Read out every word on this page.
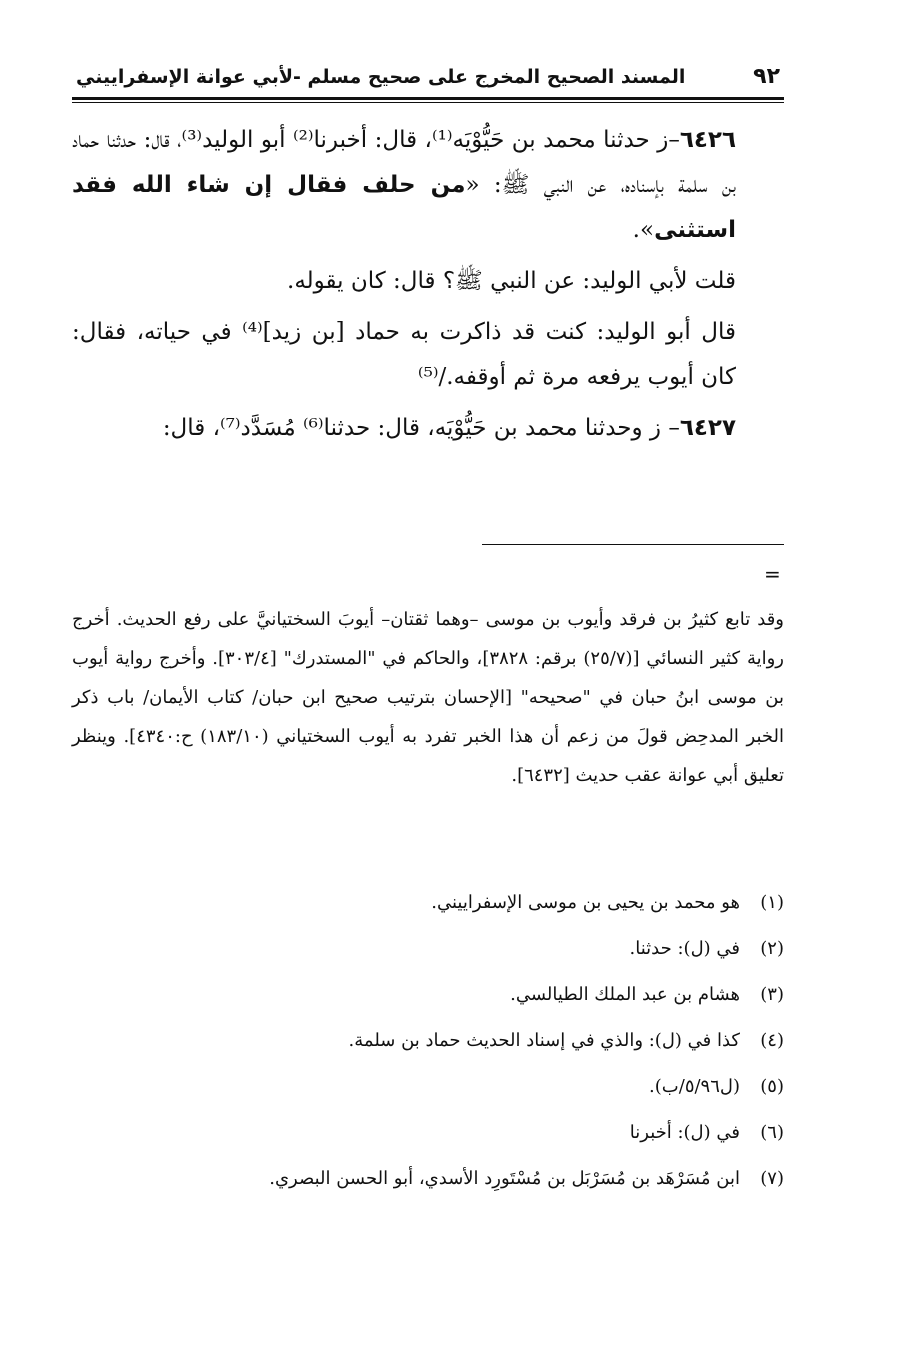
٩٢
المسند الصحيح المخرج على صحيح مسلم -لأبي عوانة الإسفراييني

٦٤٢٦–ز حدثنا محمد بن حَيُّوْيَه⁽¹⁾، قال: أخبرنا⁽²⁾ أبو الوليد⁽³⁾، قال: حدثنا حماد بن سلمة بإسناده، عن النبي ﷺ: «من حلف فقال إن شاء الله فقد استثنى».

قلت لأبي الوليد: عن النبي ﷺ؟ قال: كان يقوله.

قال أبو الوليد: كنت قد ذاكرت به حماد [بن زيد]⁽⁴⁾ في حياته، فقال: كان أيوب يرفعه مرة ثم أوقفه./⁽⁵⁾

٦٤٢٧– ز وحدثنا محمد بن حَيُّوْيَه، قال: حدثنا⁽⁶⁾ مُسَدَّد⁽⁷⁾، قال:

=

وقد تابع كثيرُ بن فرقد وأيوب بن موسى –وهما ثقتان– أيوبَ السختيانيَّ على رفع الحديث. أخرج رواية كثير النسائي [(٢٥/٧) برقم: ٣٨٢٨]، والحاكم في "المستدرك" [٣٠٣/٤]. وأخرج رواية أيوب بن موسى ابنُ حبان في "صحيحه" [الإحسان بترتيب صحيح ابن حبان/ كتاب الأيمان/ باب ذكر الخبر المدحِض قولَ من زعم أن هذا الخبر تفرد به أيوب السختياني (١٨٣/١٠) ح:٤٣٤٠]. وينظر تعليق أبي عوانة عقب حديث [٦٤٣٢].

(١)هو محمد بن يحيى بن موسى الإسفراييني.
(٢)في (ل): حدثنا.
(٣)هشام بن عبد الملك الطيالسي.
(٤)كذا في (ل): والذي في إسناد الحديث حماد بن سلمة.
(٥)(ل٥/٩٦/ب).
(٦)في (ل): أخبرنا
(٧)ابن مُسَرْهَد بن مُسَرْبَل بن مُسْتَورِد الأسدي، أبو الحسن البصري.
